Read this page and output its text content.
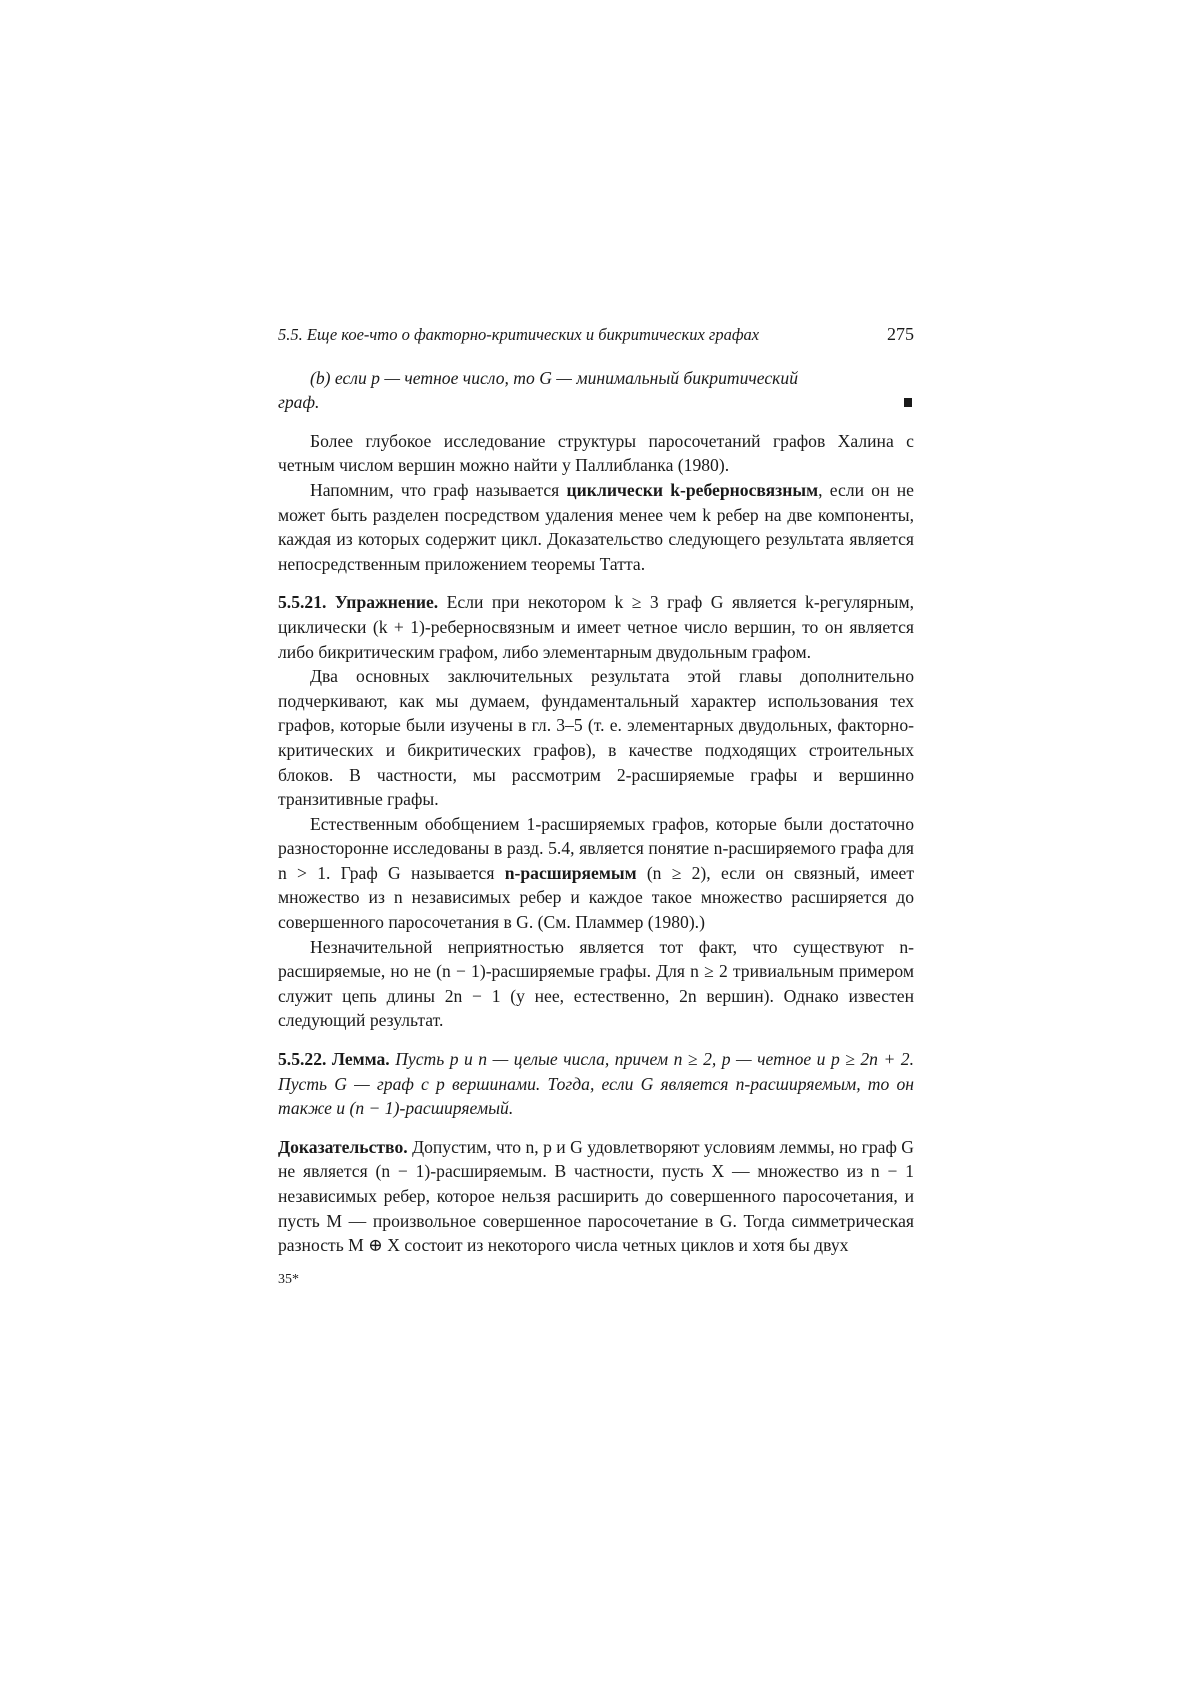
5.5. Еще кое-что о факторно-критических и бикритических графах	275

(b) если p — четное число, то G — минимальный бикритический

граф.

Более глубокое исследование структуры паросочетаний графов Халина с четным числом вершин можно найти у Паллибланка (1980).

Напомним, что граф называется циклически k-реберносвязным, если он не может быть разделен посредством удаления менее чем k ребер на две компоненты, каждая из которых содержит цикл. Доказательство следующего результата является непосредственным приложением теоремы Татта.

5.5.21. Упражнение. Если при некотором k ≥ 3 граф G является k-регулярным, циклически (k + 1)-реберносвязным и имеет четное число вершин, то он является либо бикритическим графом, либо элементарным двудольным графом.

Два основных заключительных результата этой главы дополнительно подчеркивают, как мы думаем, фундаментальный характер использования тех графов, которые были изучены в гл. 3–5 (т. е. элементарных двудольных, факторно-критических и бикритических графов), в качестве подходящих строительных блоков. В частности, мы рассмотрим 2-расширяемые графы и вершинно транзитивные графы.

Естественным обобщением 1-расширяемых графов, которые были достаточно разносторонне исследованы в разд. 5.4, является понятие n-расширяемого графа для n > 1. Граф G называется n-расширяемым (n ≥ 2), если он связный, имеет множество из n независимых ребер и каждое такое множество расширяется до совершенного паросочетания в G. (См. Пламмер (1980).)

Незначительной неприятностью является тот факт, что существуют n-расширяемые, но не (n − 1)-расширяемые графы. Для n ≥ 2 тривиальным примером служит цепь длины 2n − 1 (у нее, естественно, 2n вершин). Однако известен следующий результат.

5.5.22. Лемма. Пусть p и n — целые числа, причем n ≥ 2, p — четное и p ≥ 2n + 2. Пусть G — граф с p вершинами. Тогда, если G является n-расширяемым, то он также и (n − 1)-расширяемый.

Доказательство. Допустим, что n, p и G удовлетворяют условиям леммы, но граф G не является (n − 1)-расширяемым. В частности, пусть X — множество из n − 1 независимых ребер, которое нельзя расширить до совершенного паросочетания, и пусть M — произвольное совершенное паросочетание в G. Тогда симметрическая разность M ⊕ X состоит из некоторого числа четных циклов и хотя бы двух

35*
